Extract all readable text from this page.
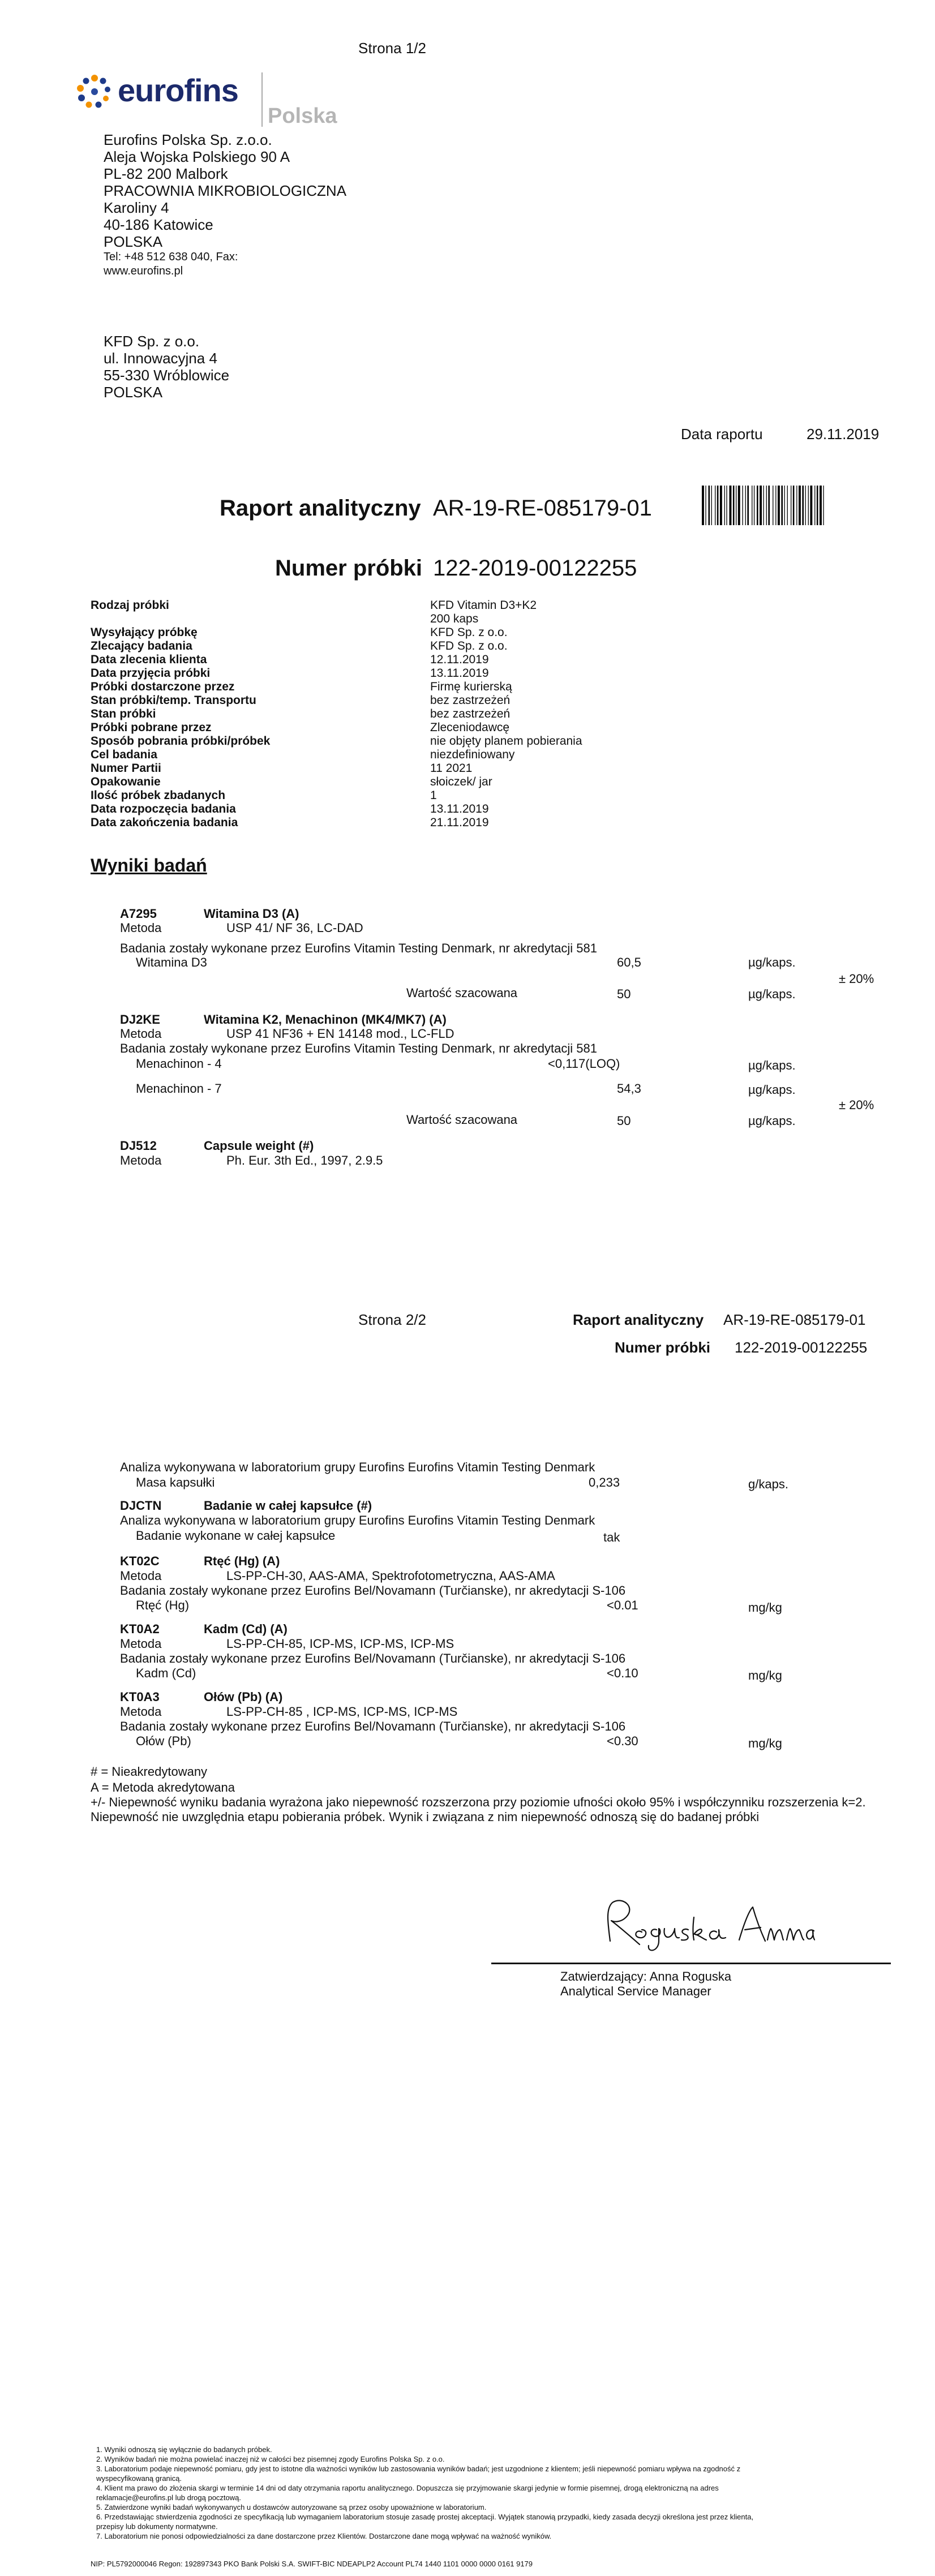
Strona 1/2
eurofins
Polska
Eurofins Polska Sp. z.o.o.
Aleja Wojska Polskiego 90 A
PL-82 200 Malbork
PRACOWNIA MIKROBIOLOGICZNA
Karoliny 4
40-186 Katowice
POLSKA
Tel: +48 512 638 040, Fax:
www.eurofins.pl
KFD Sp. z o.o.
ul. Innowacyjna 4
55-330 Wróblowice
POLSKA
Data raportu	29.11.2019
Raport analityczny AR-19-RE-085179-01
Numer próbki 122-2019-00122255
Rodzaj próbki	KFD Vitamin D3+K2
200 kaps
Wysyłający próbkę	KFD Sp. z o.o.
Zlecający badania	KFD Sp. z o.o.
Data zlecenia klienta	12.11.2019
Data przyjęcia próbki	13.11.2019
Próbki dostarczone przez	Firmę kurierską
Stan próbki/temp. Transportu	bez zastrzeżeń
Stan próbki	bez zastrzeżeń
Próbki pobrane przez	Zleceniodawcę
Sposób pobrania próbki/próbek	nie objęty planem pobierania
Cel badania	niezdefiniowany
Numer Partii	11 2021
Opakowanie	słoiczek/ jar
Ilość próbek zbadanych	1
Data rozpoczęcia badania	13.11.2019
Data zakończenia badania	21.11.2019
Wyniki badań
A7295	Witamina D3 (A)
Metoda	USP 41/ NF 36, LC-DAD
Badania zostały wykonane przez Eurofins Vitamin Testing Denmark, nr akredytacji 581
Witamina D3	60,5	µg/kaps.
± 20%
Wartość szacowana	50	µg/kaps.
DJ2KE	Witamina K2, Menachinon (MK4/MK7) (A)
Metoda	USP 41 NF36 + EN 14148 mod., LC-FLD
Badania zostały wykonane przez Eurofins Vitamin Testing Denmark, nr akredytacji 581
Menachinon - 4	<0,117(LOQ)	µg/kaps.
Menachinon - 7	54,3	µg/kaps.
± 20%
Wartość szacowana	50	µg/kaps.
DJ512	Capsule weight (#)
Metoda	Ph. Eur. 3th Ed., 1997, 2.9.5
Strona 2/2	Raport analityczny AR-19-RE-085179-01
Numer próbki 122-2019-00122255
Analiza wykonywana w laboratorium grupy Eurofins Eurofins Vitamin Testing Denmark
Masa kapsułki	0,233	g/kaps.
DJCTN	Badanie w całej kapsułce (#)
Analiza wykonywana w laboratorium grupy Eurofins Eurofins Vitamin Testing Denmark
Badanie wykonane w całej kapsułce	tak
KT02C	Rtęć (Hg) (A)
Metoda	LS-PP-CH-30, AAS-AMA, Spektrofotometryczna, AAS-AMA
Badania zostały wykonane przez Eurofins Bel/Novamann (Turčianske), nr akredytacji S-106
Rtęć (Hg)	<0.01	mg/kg
KT0A2	Kadm (Cd) (A)
Metoda	LS-PP-CH-85, ICP-MS, ICP-MS, ICP-MS
Badania zostały wykonane przez Eurofins Bel/Novamann (Turčianske), nr akredytacji S-106
Kadm (Cd)	<0.10	mg/kg
KT0A3	Ołów (Pb) (A)
Metoda	LS-PP-CH-85 , ICP-MS, ICP-MS, ICP-MS
Badania zostały wykonane przez Eurofins Bel/Novamann (Turčianske), nr akredytacji S-106
Ołów (Pb)	<0.30	mg/kg
# = Nieakredytowany
A = Metoda akredytowana
+/- Niepewność wyniku badania wyrażona jako niepewność rozszerzona przy poziomie ufności około 95% i współczynniku rozszerzenia k=2.
Niepewność nie uwzględnia etapu pobierania próbek. Wynik i związana z nim niepewność odnoszą się do badanej próbki
Zatwierdzający: Anna Roguska
Analytical Service Manager
1. Wyniki odnoszą się wyłącznie do badanych próbek.
2. Wyników badań nie można powielać inaczej niż w całości bez pisemnej zgody Eurofins Polska Sp. z o.o.
3. Laboratorium podaje niepewność pomiaru, gdy jest to istotne dla ważności wyników lub zastosowania wyników badań; jest uzgodnione z klientem; jeśli niepewność pomiaru wpływa na zgodność z
wyspecyfikowaną granicą.
4. Klient ma prawo do złożenia skargi w terminie 14 dni od daty otrzymania raportu analitycznego. Dopuszcza się przyjmowanie skargi jedynie w formie pisemnej, drogą elektroniczną na adres
reklamacje@eurofins.pl lub drogą pocztową.
5. Zatwierdzone wyniki badań wykonywanych u dostawców autoryzowane są przez osoby upoważnione w laboratorium.
6. Przedstawiając stwierdzenia zgodności ze specyfikacją lub wymaganiem laboratorium stosuje zasadę prostej akceptacji. Wyjątek stanowią przypadki, kiedy zasada decyzji określona jest przez klienta,
przepisy lub dokumenty normatywne.
7. Laboratorium nie ponosi odpowiedzialności za dane dostarczone przez Klientów. Dostarczone dane mogą wpływać na ważność wyników.
NIP: PL5792000046 Regon: 192897343 PKO Bank Polski S.A. SWIFT-BIC NDEAPLP2 Account PL74 1440 1101 0000 0000 0161 9179
